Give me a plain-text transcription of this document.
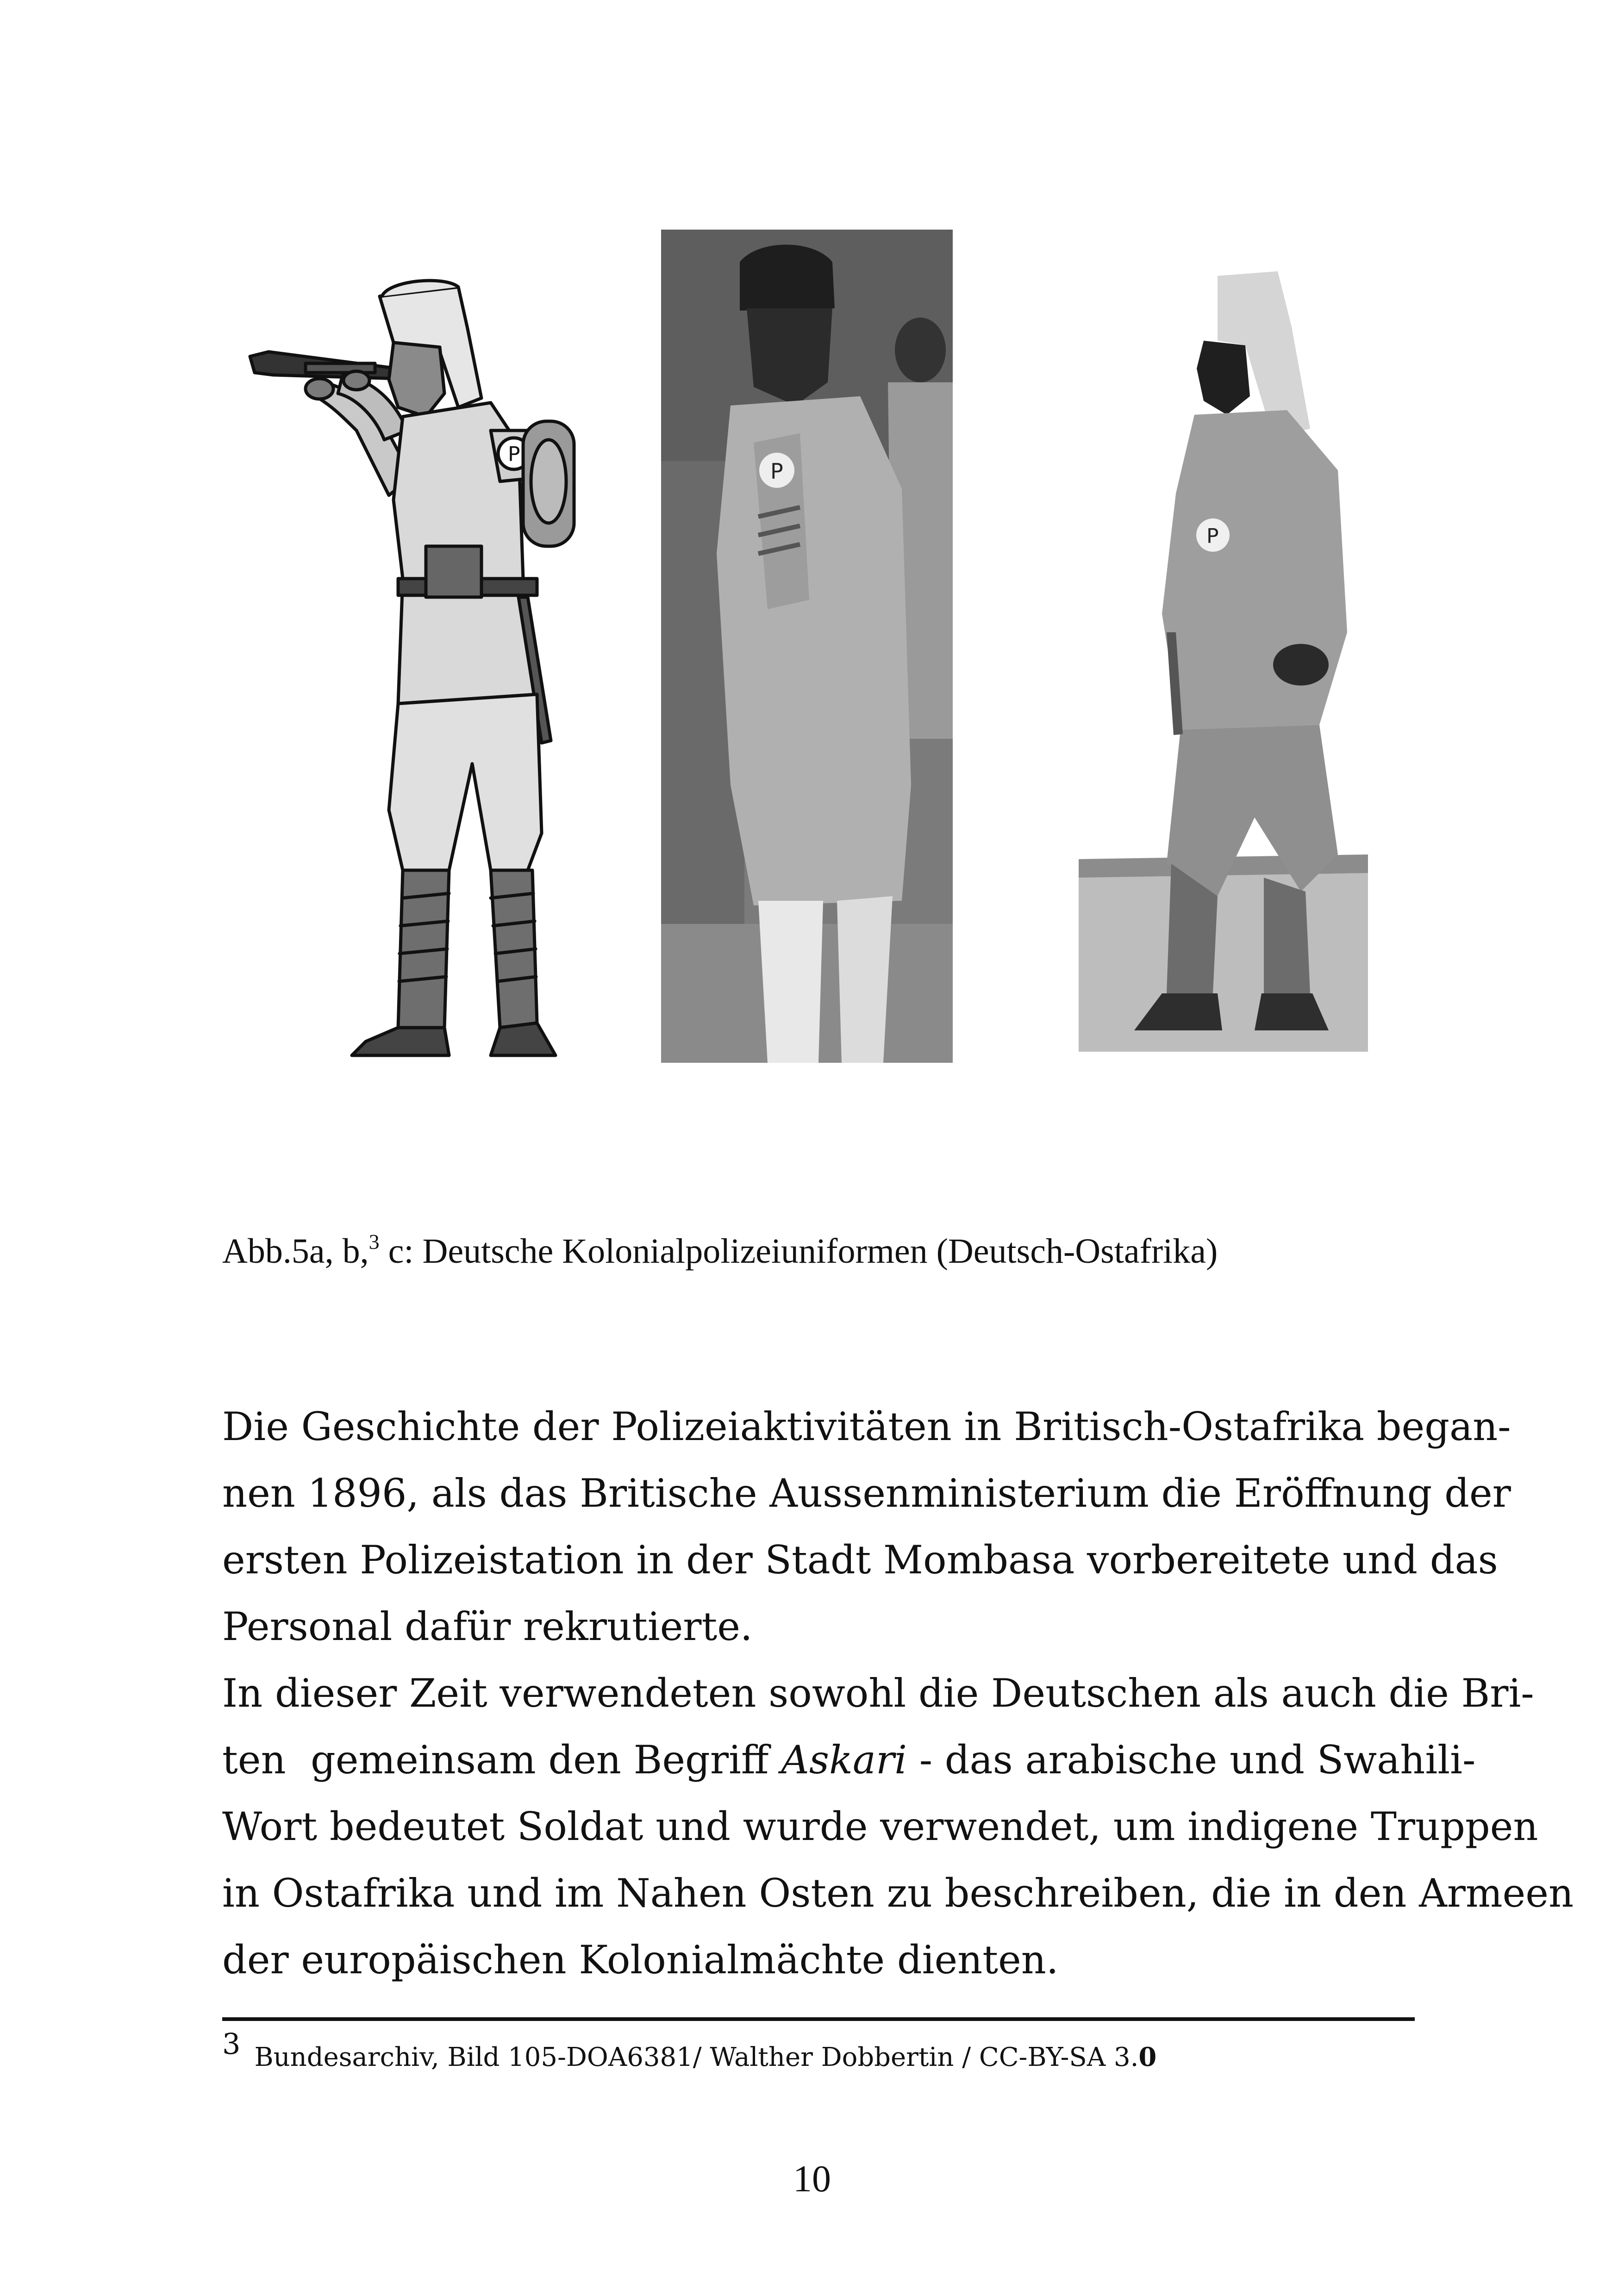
P
P
P
Abb.5a, b,$^3$ c: Deutsche Kolonialpolizeiuniformen (Deutsch-Ostafrika)
Die Geschichte der Polizeiaktivitäten in Britisch-Ostafrika began-
nen 1896, als das Britische Aussenministerium die Eröffnung der
ersten Polizeistation in der Stadt Mombasa vorbereitete und das
Personal dafür rekrutierte.
In dieser Zeit verwendeten sowohl die Deutschen als auch die Bri-
ten  gemeinsam den Begriff Askari - das arabische und Swahili-
Wort bedeutet Soldat und wurde verwendet, um indigene Truppen
in Ostafrika und im Nahen Osten zu beschreiben, die in den Armeen
der europäischen Kolonialmächte dienten.
3 Bundesarchiv, Bild 105-DOA6381/ Walther Dobbertin / CC-BY-SA 3.0
10
